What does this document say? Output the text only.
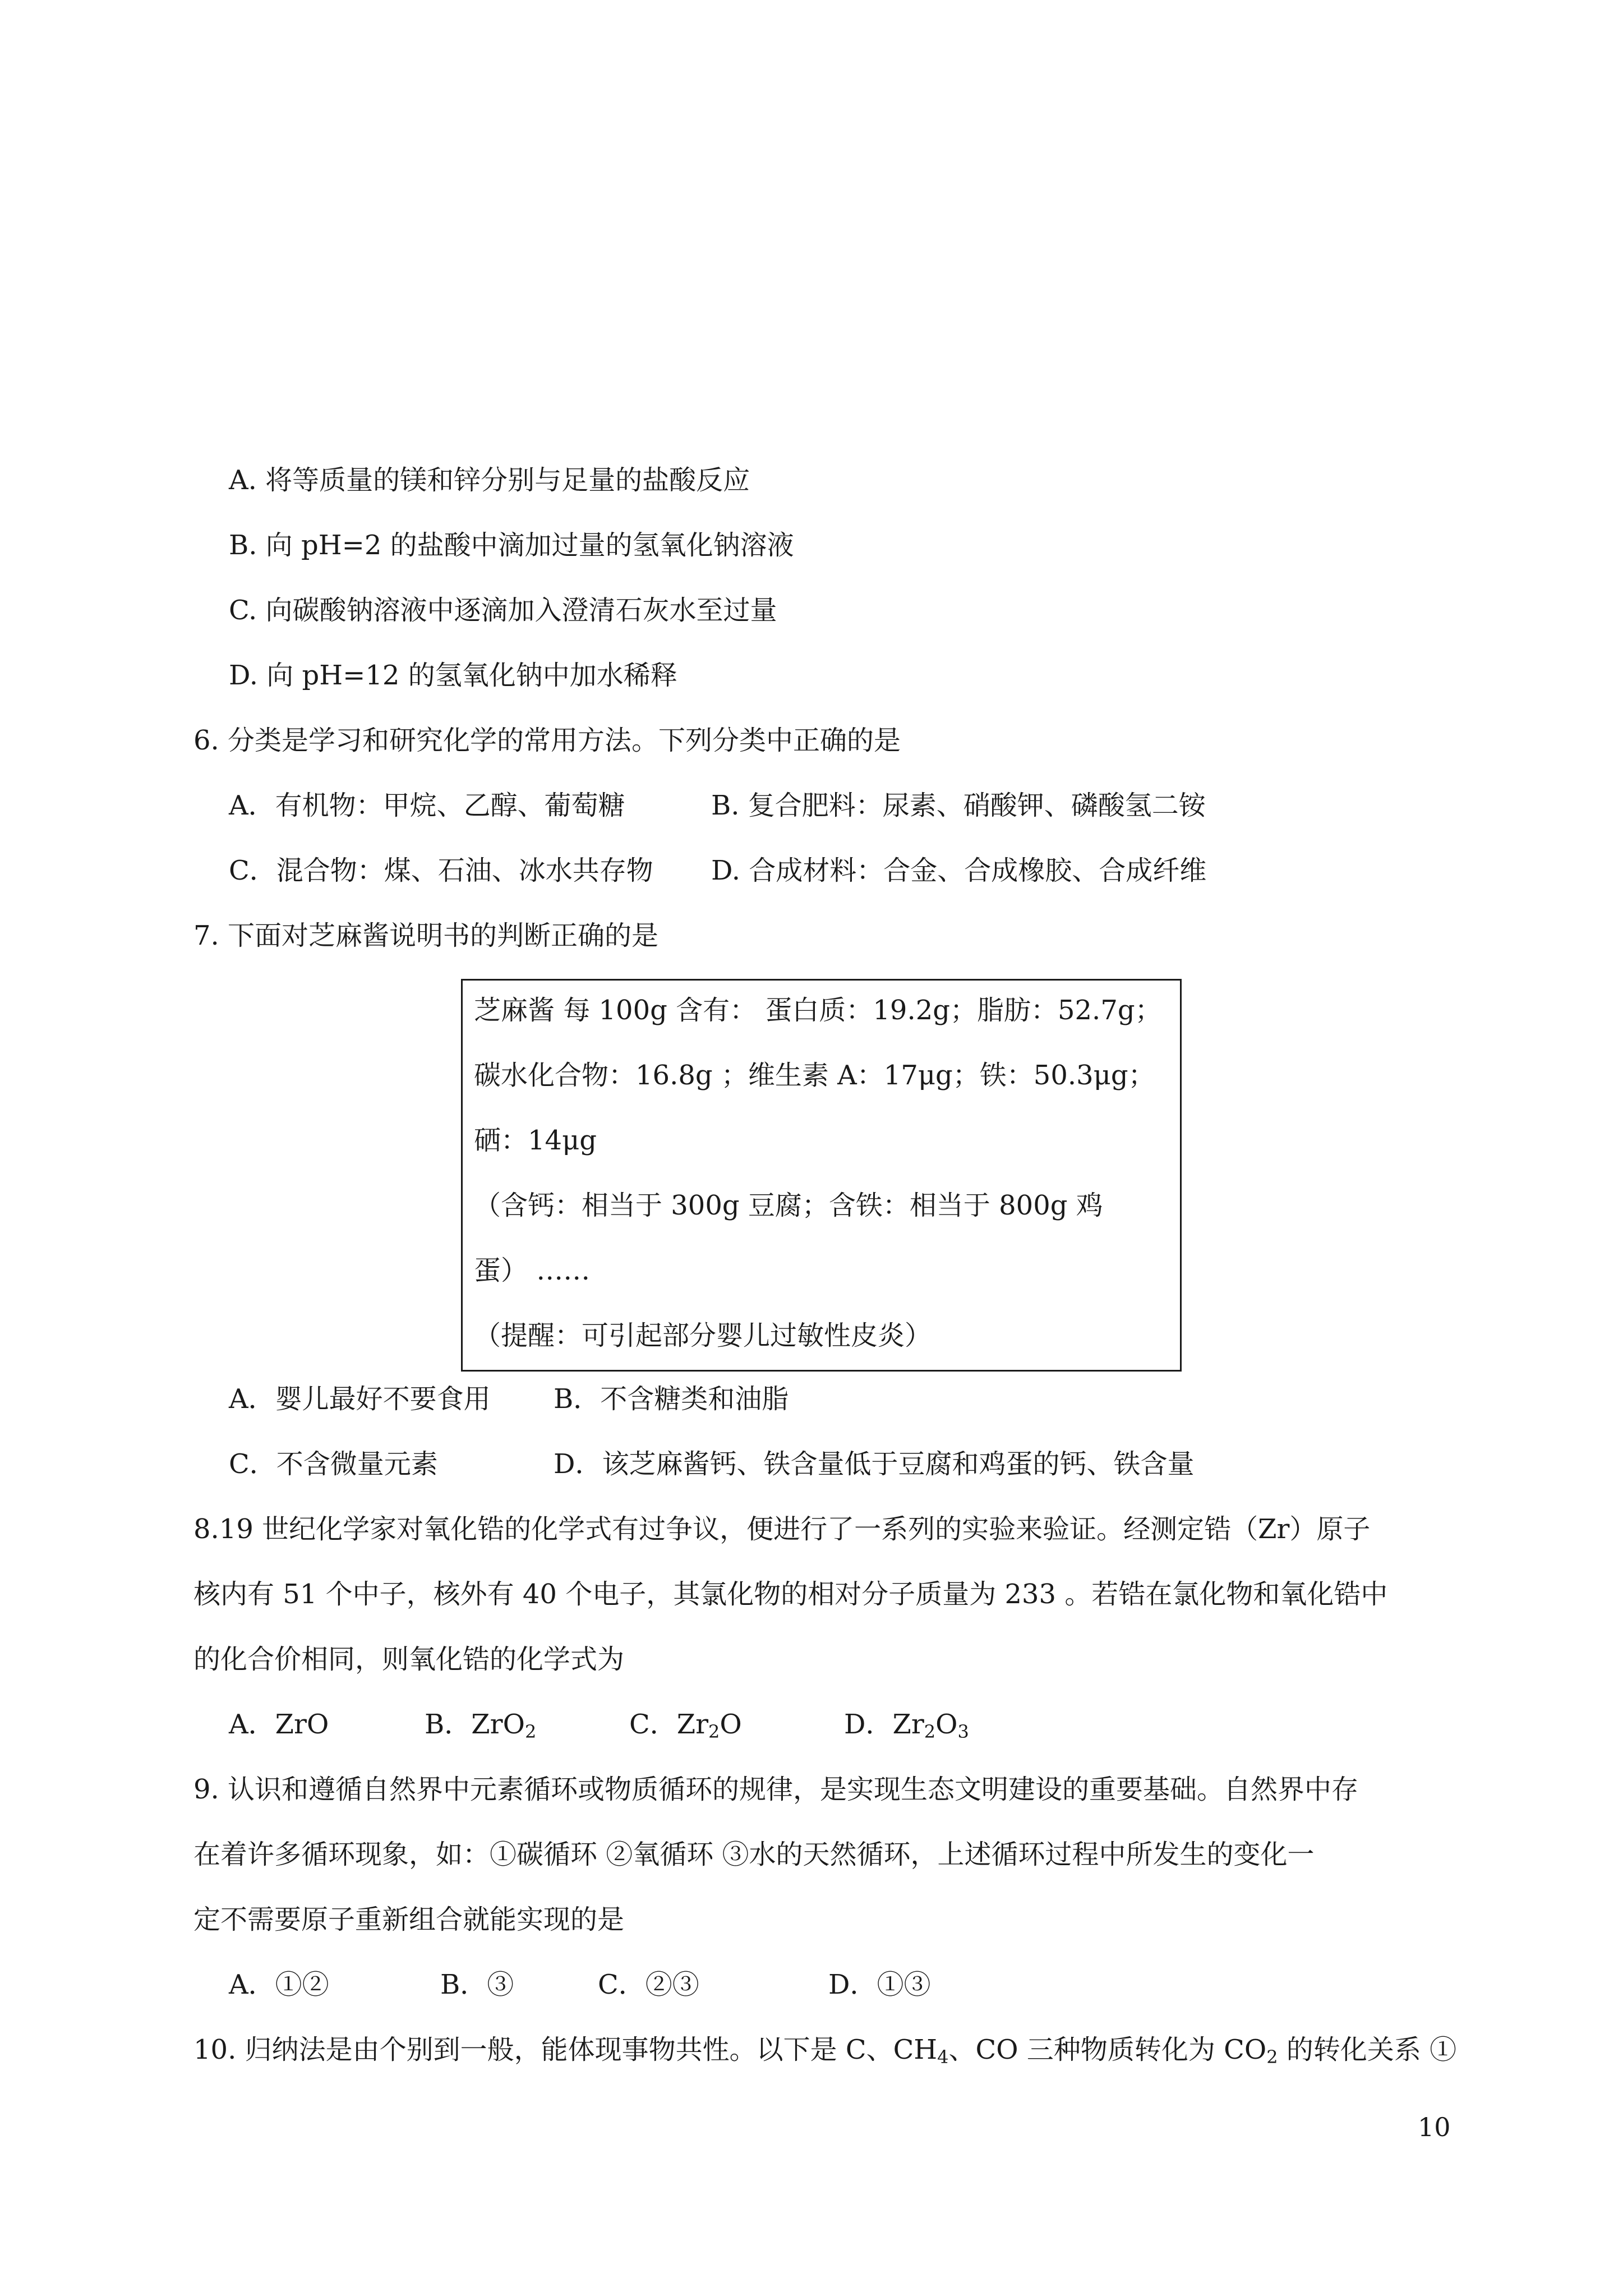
A. 将等质量的镁和锌分别与足量的盐酸反应
B. 向 pH=2 的盐酸中滴加过量的氢氧化钠溶液
C. 向碳酸钠溶液中逐滴加入澄清石灰水至过量
D. 向 pH=12 的氢氧化钠中加水稀释
6. 分类是学习和研究化学的常用方法。下列分类中正确的是
A．有机物：甲烷、乙醇、葡萄糖	B. 复合肥料：尿素、硝酸钾、磷酸氢二铵
C．混合物：煤、石油、冰水共存物 D. 合成材料：合金、合成橡胶、合成纤维
7. 下面对芝麻酱说明书的判断正确的是
芝麻酱 每 100g 含有： 蛋白质：19.2g；脂肪：52.7g；
碳水化合物：16.8g ；维生素 A：17μg；铁：50.3μg；
硒：14μg
（含钙：相当于 300g 豆腐；含铁：相当于 800g 鸡
蛋） ……
（提醒：可引起部分婴儿过敏性皮炎）
A．婴儿最好不要食用 B．不含糖类和油脂
C．不含微量元素	D．该芝麻酱钙、铁含量低于豆腐和鸡蛋的钙、铁含量
8.19 世纪化学家对氧化锆的化学式有过争议，便进行了一系列的实验来验证。经测定锆（Zr）原子
核内有 51 个中子，核外有 40 个电子，其氯化物的相对分子质量为 233 。若锆在氯化物和氧化锆中
的化合价相同，则氧化锆的化学式为
A．ZrO	B．ZrO$_2$	C．$Zr_2O$	D．$Zr_2O_3$
9. 认识和遵循自然界中元素循环或物质循环的规律，是实现生态文明建设的重要基础。自然界中存
在着许多循环现象，如：①碳循环 ②氧循环 ③水的天然循环，上述循环过程中所发生的变化一
定不需要原子重新组合就能实现的是
A．①②	B．③	C．②③	D．①③
10. 归纳法是由个别到一般，能体现事物共性。以下是 C、$CH_4$、CO 三种物质转化为 $CO_2$ 的转化关系 ①
10
